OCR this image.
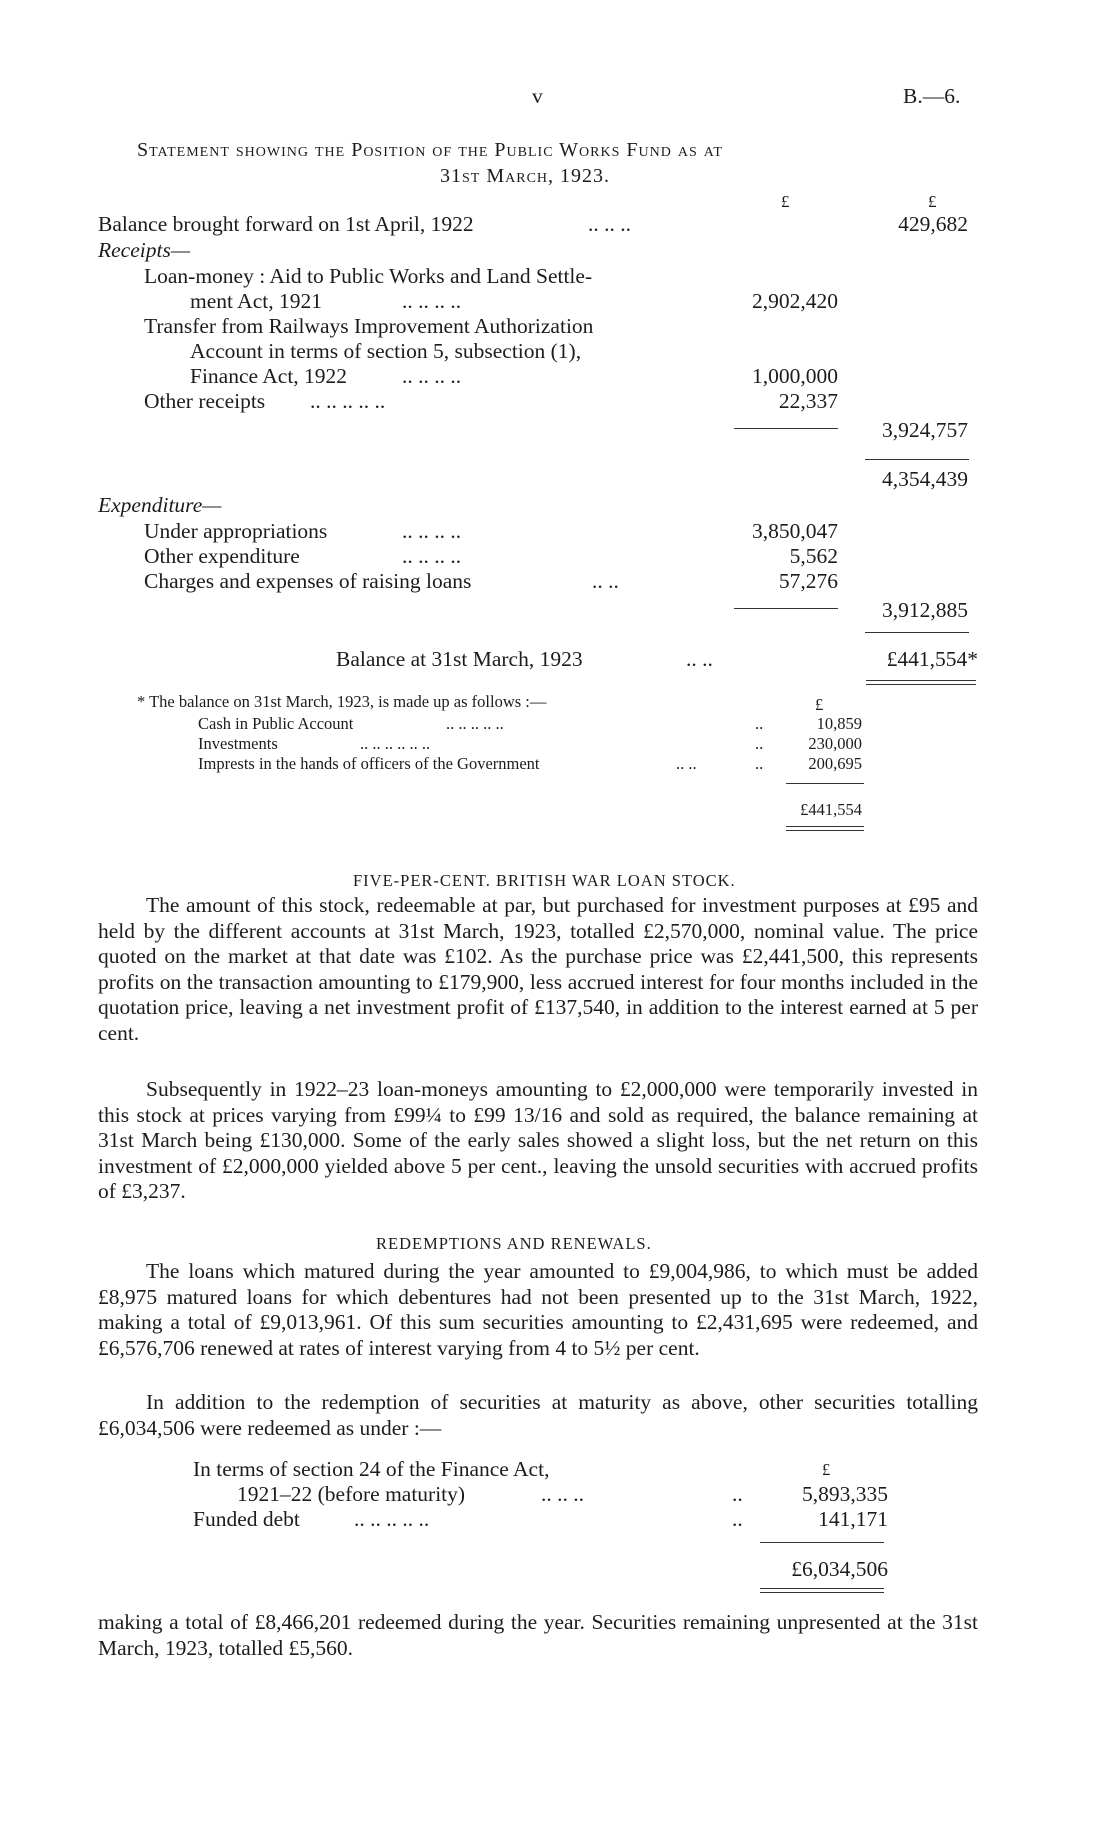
v	B.—6.
Statement showing the Position of the Public Works Fund as at
31st March, 1923.
£	£
Balance brought forward on 1st April, 1922	.. .. ..	429,682
Receipts—
Loan-money : Aid to Public Works and Land Settle-
ment Act, 1921	.. .. .. ..	2,902,420
Transfer from Railways Improvement Authorization
Account in terms of section 5, subsection (1),
Finance Act, 1922	.. .. .. ..	1,000,000
Other receipts .. .. .. .. ..	22,337
3,924,757
4,354,439
Expenditure—
Under appropriations	.. .. .. ..	3,850,047
Other expenditure	.. .. .. ..	5,562
Charges and expenses of raising loans	.. ..	57,276
3,912,885
Balance at 31st March, 1923	.. ..	£441,554*
* The balance on 31st March, 1923, is made up as follows :—	£
Cash in Public Account	.. .. .. .. ..	..	10,859
Investments	.. .. .. .. .. ..	..	230,000
Imprests in the hands of officers of the Government	.. ..	..	200,695
£441,554
FIVE-PER-CENT. BRITISH WAR LOAN STOCK.
The amount of this stock, redeemable at par, but purchased for investment purposes at £95 and held by the different accounts at 31st March, 1923, totalled £2,570,000, nominal value. The price quoted on the market at that date was £102. As the purchase price was £2,441,500, this represents profits on the transaction amounting to £179,900, less accrued interest for four months included in the quotation price, leaving a net investment profit of £137,540, in addition to the interest earned at 5 per cent.
Subsequently in 1922–23 loan-moneys amounting to £2,000,000 were temporarily invested in this stock at prices varying from £99¼ to £99 13/16 and sold as required, the balance remaining at 31st March being £130,000. Some of the early sales showed a slight loss, but the net return on this investment of £2,000,000 yielded above 5 per cent., leaving the unsold securities with accrued profits of £3,237.
REDEMPTIONS AND RENEWALS.
The loans which matured during the year amounted to £9,004,986, to which must be added £8,975 matured loans for which debentures had not been presented up to the 31st March, 1922, making a total of £9,013,961. Of this sum securities amounting to £2,431,695 were redeemed, and £6,576,706 renewed at rates of interest varying from 4 to 5½ per cent.
In addition to the redemption of securities at maturity as above, other securities totalling £6,034,506 were redeemed as under :—
£
In terms of section 24 of the Finance Act,
1921–22 (before maturity)	.. .. ..	..	5,893,335
Funded debt	.. .. .. .. ..	..	141,171
£6,034,506
making a total of £8,466,201 redeemed during the year. Securities remaining unpresented at the 31st March, 1923, totalled £5,560.
